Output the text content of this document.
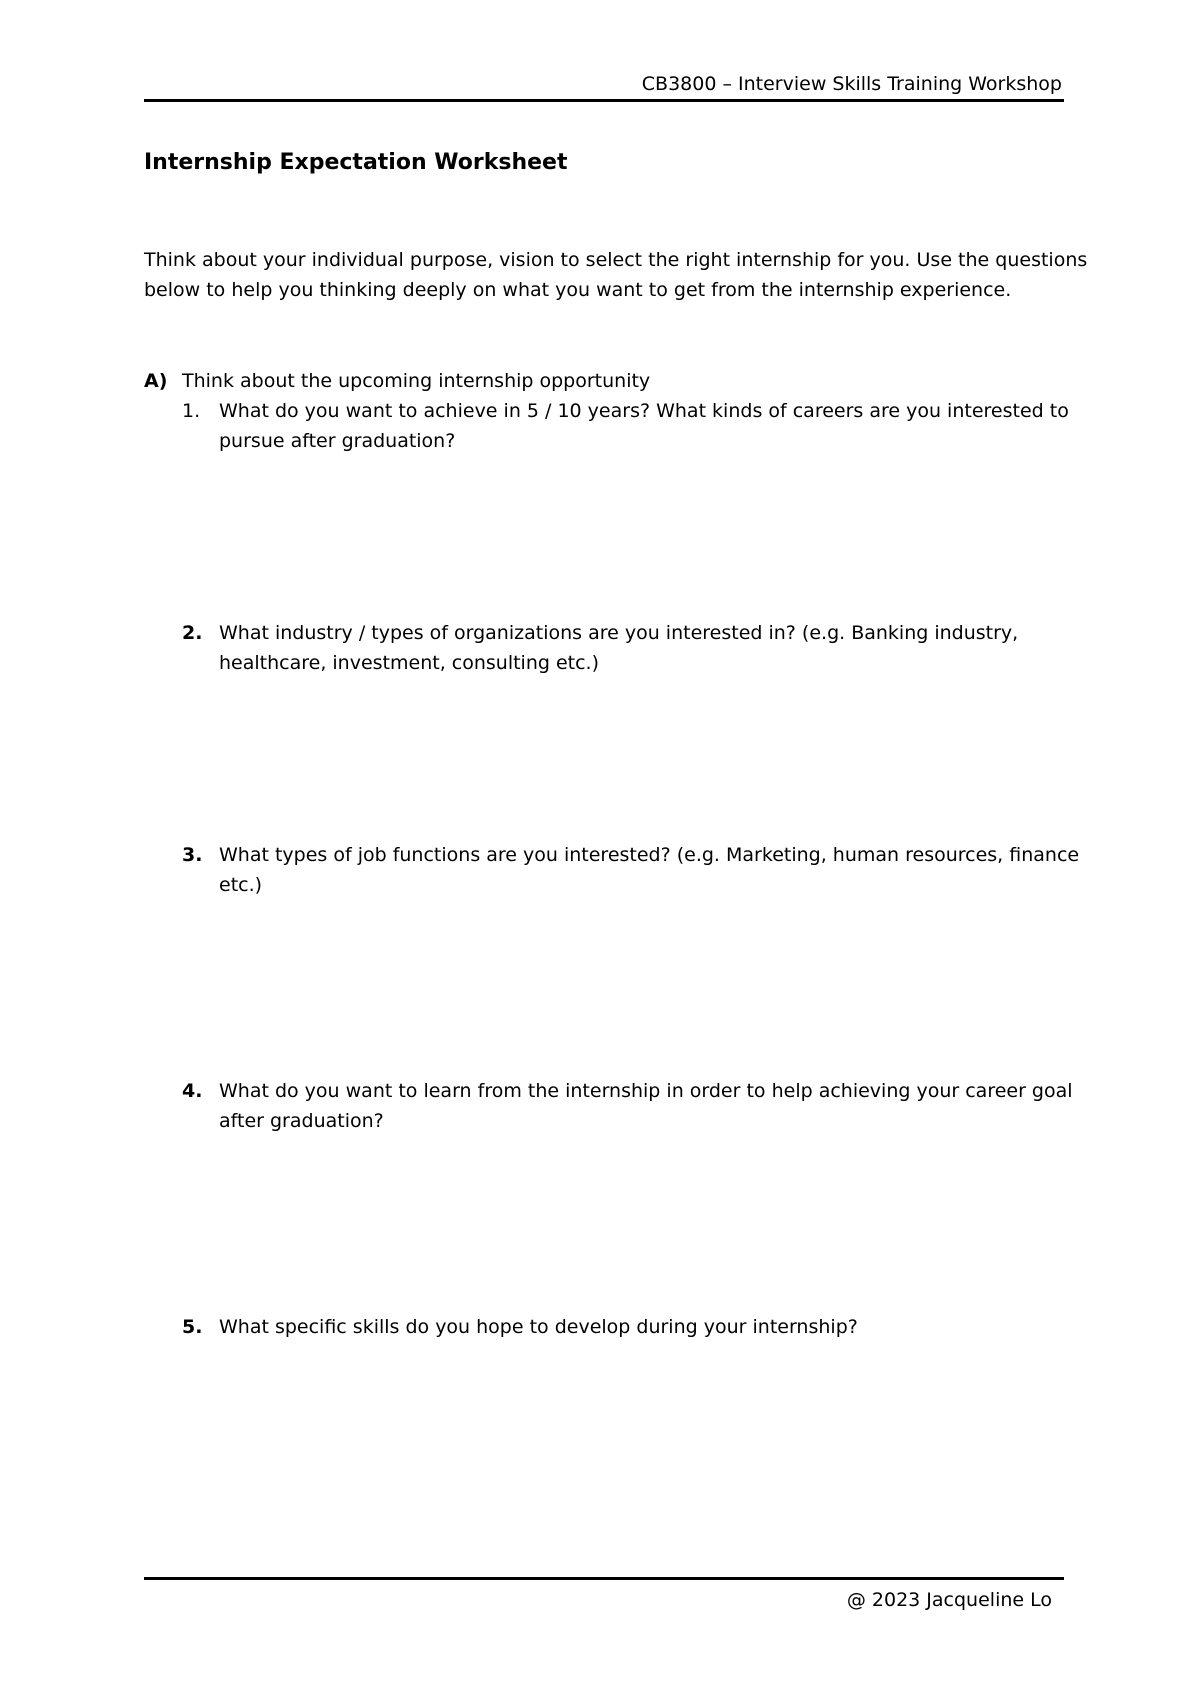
CB3800 – Interview Skills Training Workshop
Internship Expectation Worksheet

Think about your individual purpose, vision to select the right internship for you. Use the questions
below to help you thinking deeply on what you want to get from the internship experience.

A) Think about the upcoming internship opportunity
1. What do you want to achieve in 5 / 10 years? What kinds of careers are you interested to
pursue after graduation?
2. What industry / types of organizations are you interested in? (e.g. Banking industry,
healthcare, investment, consulting etc.)
3. What types of job functions are you interested? (e.g. Marketing, human resources, finance
etc.)
4. What do you want to learn from the internship in order to help achieving your career goal
after graduation?
5. What specific skills do you hope to develop during your internship?
@ 2023 Jacqueline Lo
